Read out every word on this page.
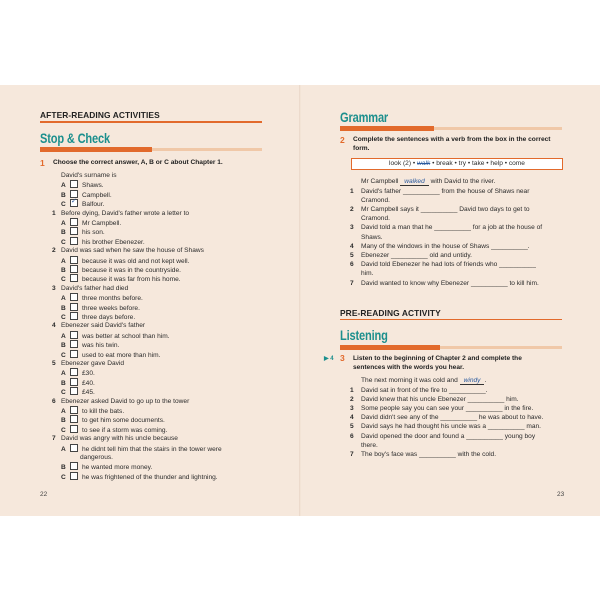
AFTER-READING ACTIVITIES
Stop & Check
1 Choose the correct answer, A, B or C about Chapter 1.
David's surname is
A Shaws.
B Campbell.
C✓ Balfour.
1 Before dying, David's father wrote a letter to
A Mr Campbell.
B his son.
C his brother Ebenezer.
2 David was sad when he saw the house of Shaws
A because it was old and not kept well.
B because it was in the countryside.
C because it was far from his home.
3 David's father had died
A three months before.
B three weeks before.
C three days before.
4 Ebenezer said David's father
A was better at school than him.
B was his twin.
C used to eat more than him.
5 Ebenezer gave David
A £30.
B £40.
C £45.
6 Ebenezer asked David to go up to the tower
A to kill the bats.
B to get him some documents.
C to see if a storm was coming.
7 David was angry with his uncle because
A he didnt tell him that the stairs in the tower were
dangerous.
B he wanted more money.
C he was frightened of the thunder and lightning.
22
Grammar
2 Complete the sentences with a verb from the box in the correct
form.
look (2) • walk • break • try • take • help • come
Mr Campbell walked with David to the river.
1 David's father __________ from the house of Shaws near
Cramond.
2 Mr Campbell says it __________ David two days to get to
Cramond.
3 David told a man that he __________ for a job at the house of
Shaws.
4 Many of the windows in the house of Shaws __________.
5 Ebenezer __________ old and untidy.
6 David told Ebenezer he had lots of friends who __________
him.
7 David wanted to know why Ebenezer __________ to kill him.
PRE-READING ACTIVITY
Listening
▶ 4 3 Listen to the beginning of Chapter 2 and complete the
sentences with the words you hear.
The next morning it was cold and windy .
1 David sat in front of the fire to __________.
2 David knew that his uncle Ebenezer __________ him.
3 Some people say you can see your __________ in the fire.
4 David didn't see any of the __________ he was about to have.
5 David says he had thought his uncle was a __________ man.
6 David opened the door and found a __________ young boy
there.
7 The boy's face was __________ with the cold.
23
